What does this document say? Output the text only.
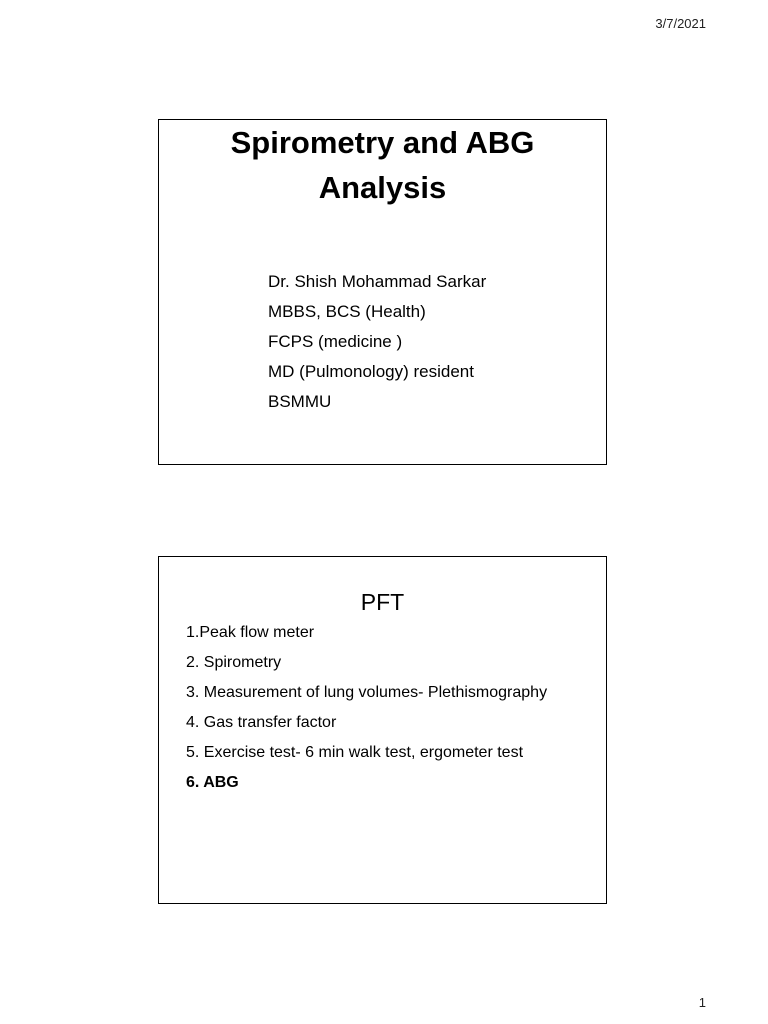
3/7/2021
Spirometry and ABG
Analysis
Dr. Shish Mohammad Sarkar
MBBS, BCS (Health)
FCPS (medicine )
MD (Pulmonology) resident
BSMMU
PFT
1.Peak flow meter
2. Spirometry
3. Measurement of lung volumes- Plethismography
4. Gas transfer factor
5. Exercise test- 6 min walk test, ergometer test
6. ABG
1
